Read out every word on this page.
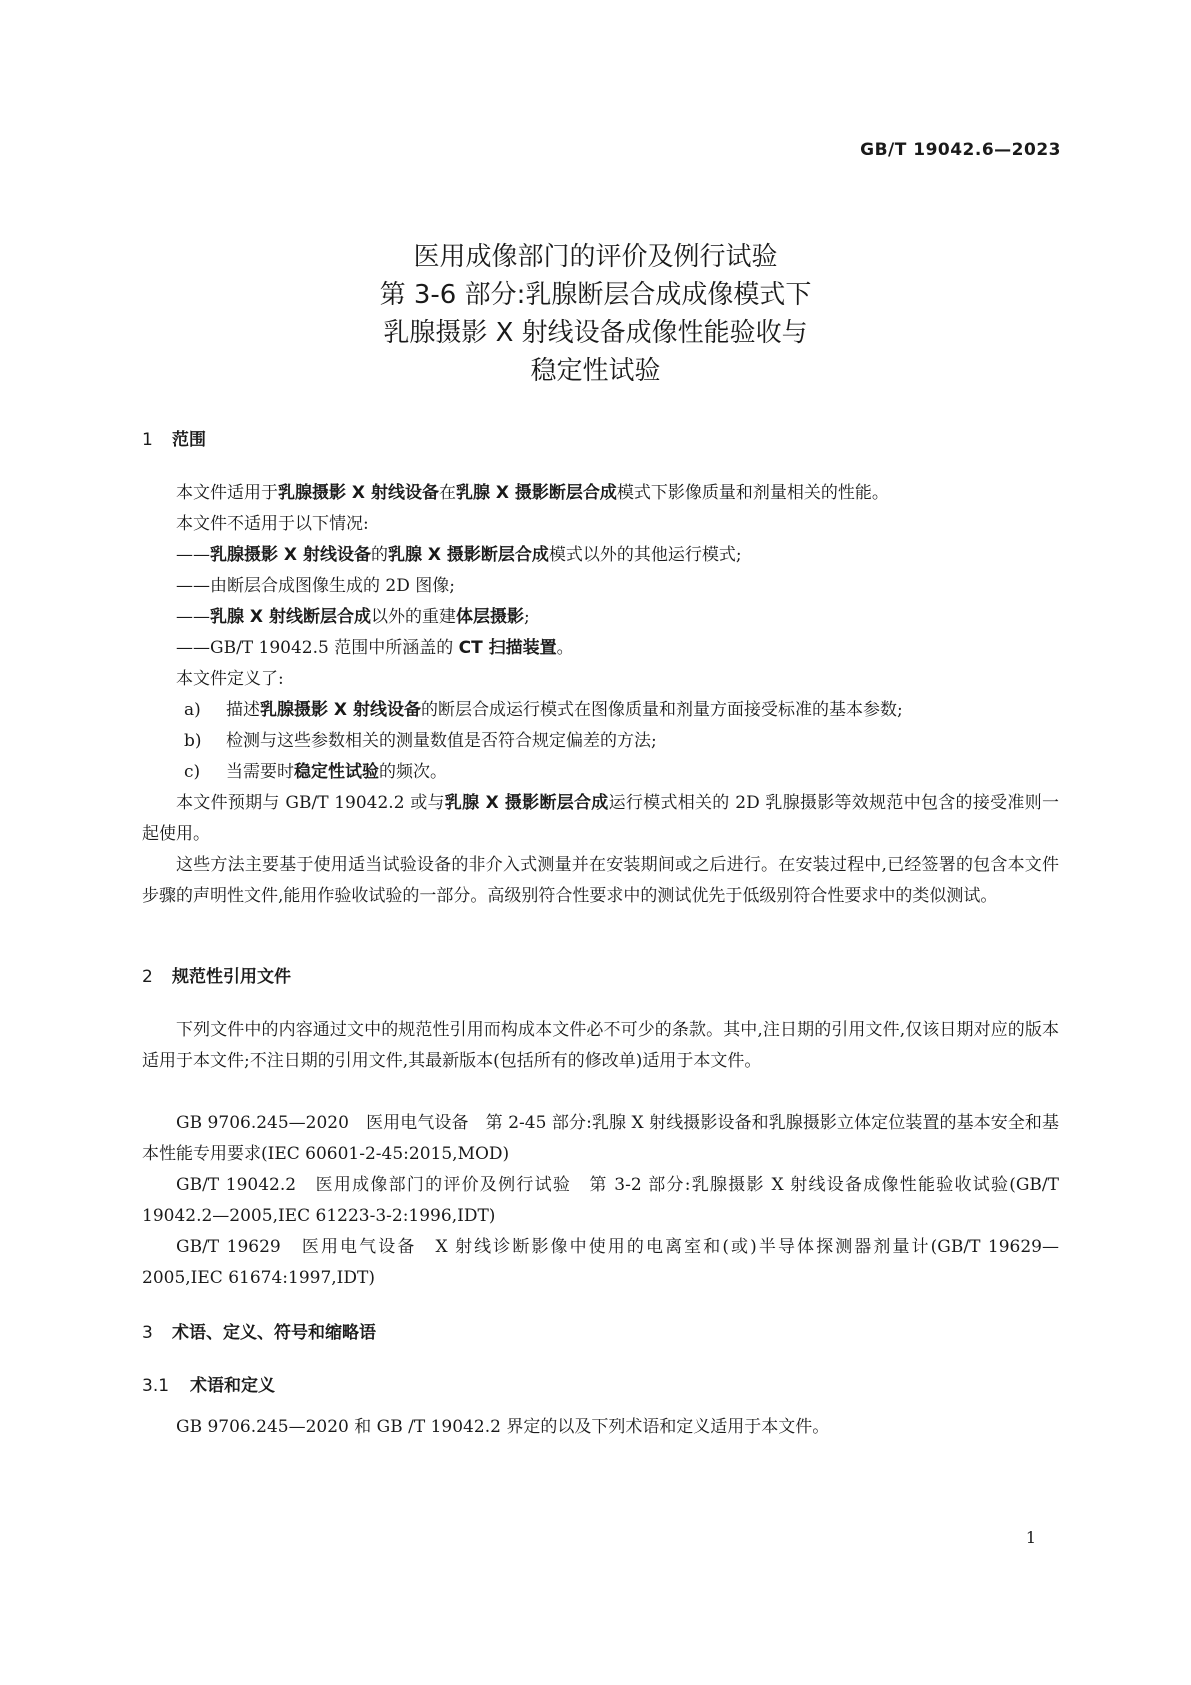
GB/T 19042.6—2023
医用成像部门的评价及例行试验
第 3-6 部分:乳腺断层合成成像模式下
乳腺摄影 X 射线设备成像性能验收与
稳定性试验
1 范围
本文件适用于乳腺摄影 X 射线设备在乳腺 X 摄影断层合成模式下影像质量和剂量相关的性能。
本文件不适用于以下情况:
——乳腺摄影 X 射线设备的乳腺 X 摄影断层合成模式以外的其他运行模式;
——由断层合成图像生成的 2D 图像;
——乳腺 X 射线断层合成以外的重建体层摄影;
——GB/T 19042.5 范围中所涵盖的 CT 扫描装置。
本文件定义了:
a) 描述乳腺摄影 X 射线设备的断层合成运行模式在图像质量和剂量方面接受标准的基本参数;
b) 检测与这些参数相关的测量数值是否符合规定偏差的方法;
c) 当需要时稳定性试验的频次。
本文件预期与 GB/T 19042.2 或与乳腺 X 摄影断层合成运行模式相关的 2D 乳腺摄影等效规范中包含的接受准则一起使用。
这些方法主要基于使用适当试验设备的非介入式测量并在安装期间或之后进行。在安装过程中,已经签署的包含本文件步骤的声明性文件,能用作验收试验的一部分。高级别符合性要求中的测试优先于低级别符合性要求中的类似测试。
2 规范性引用文件
下列文件中的内容通过文中的规范性引用而构成本文件必不可少的条款。其中,注日期的引用文件,仅该日期对应的版本适用于本文件;不注日期的引用文件,其最新版本(包括所有的修改单)适用于本文件。
GB 9706.245—2020　医用电气设备　第 2-45 部分:乳腺 X 射线摄影设备和乳腺摄影立体定位装置的基本安全和基本性能专用要求(IEC 60601-2-45:2015,MOD)
GB/T 19042.2　医用成像部门的评价及例行试验　第 3-2 部分:乳腺摄影 X 射线设备成像性能验收试验(GB/T 19042.2—2005,IEC 61223-3-2:1996,IDT)
GB/T 19629　医用电气设备　X 射线诊断影像中使用的电离室和(或)半导体探测器剂量计(GB/T 19629—2005,IEC 61674:1997,IDT)
3 术语、定义、符号和缩略语
3.1 术语和定义
GB 9706.245—2020 和 GB /T 19042.2 界定的以及下列术语和定义适用于本文件。
1
